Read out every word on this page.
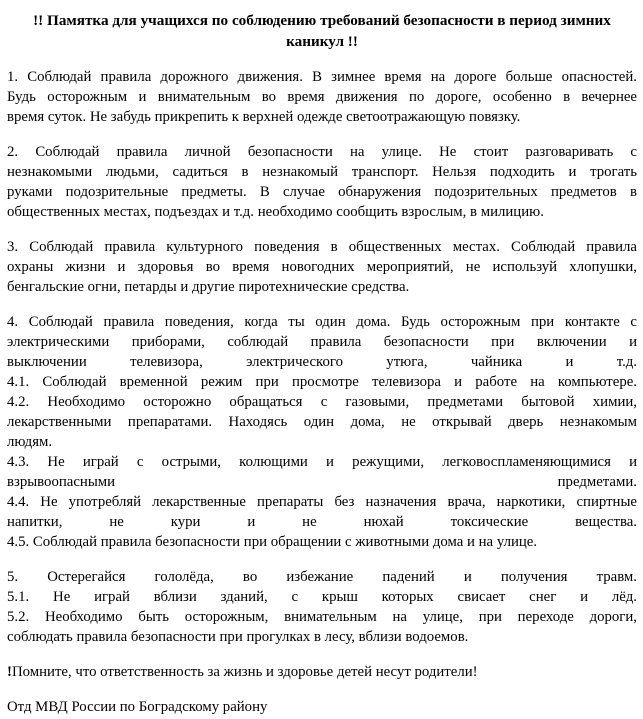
!! Памятка для учащихся по соблюдению требований безопасности в период зимних
каникул !!
1. Соблюдай правила дорожного движения. В зимнее время на дороге больше опасностей.
Будь осторожным и внимательным во время движения по дороге, особенно в вечернее
время суток. Не забудь прикрепить к верхней одежде светоотражающую повязку.
2. Соблюдай правила личной безопасности на улице. Не стоит разговаривать с
незнакомыми людьми, садиться в незнакомый транспорт. Нельзя подходить и трогать
руками подозрительные предметы. В случае обнаружения подозрительных предметов в
общественных местах, подъездах и т.д. необходимо сообщить взрослым, в милицию.
3. Соблюдай правила культурного поведения в общественных местах. Соблюдай правила
охраны жизни и здоровья во время новогодних мероприятий, не используй хлопушки,
бенгальские огни, петарды и другие пиротехнические средства.
4. Соблюдай правила поведения, когда ты один дома. Будь осторожным при контакте с
электрическими приборами, соблюдай правила безопасности при включении и
выключении телевизора, электрического утюга, чайника и т.д.
4.1. Соблюдай временной режим при просмотре телевизора и работе на компьютере.
4.2. Необходимо осторожно обращаться с газовыми, предметами бытовой химии,
лекарственными препаратами. Находясь один дома, не открывай дверь незнакомым
людям.
4.3. Не играй с острыми, колющими и режущими, легковоспламеняющимися и
взрывоопасными предметами.
4.4. Не употребляй лекарственные препараты без назначения врача, наркотики, спиртные
напитки, не кури и не нюхай токсические вещества.
4.5. Соблюдай правила безопасности при обращении с животными дома и на улице.
5. Остерегайся гололёда, во избежание падений и получения травм.
5.1. Не играй вблизи зданий, с крыш которых свисает снег и лёд.
5.2. Необходимо быть осторожным, внимательным на улице, при переходе дороги,
соблюдать правила безопасности при прогулках в лесу, вблизи водоемов.
!Помните, что ответственность за жизнь и здоровье детей несут родители!
Отд МВД России по Боградскому району
